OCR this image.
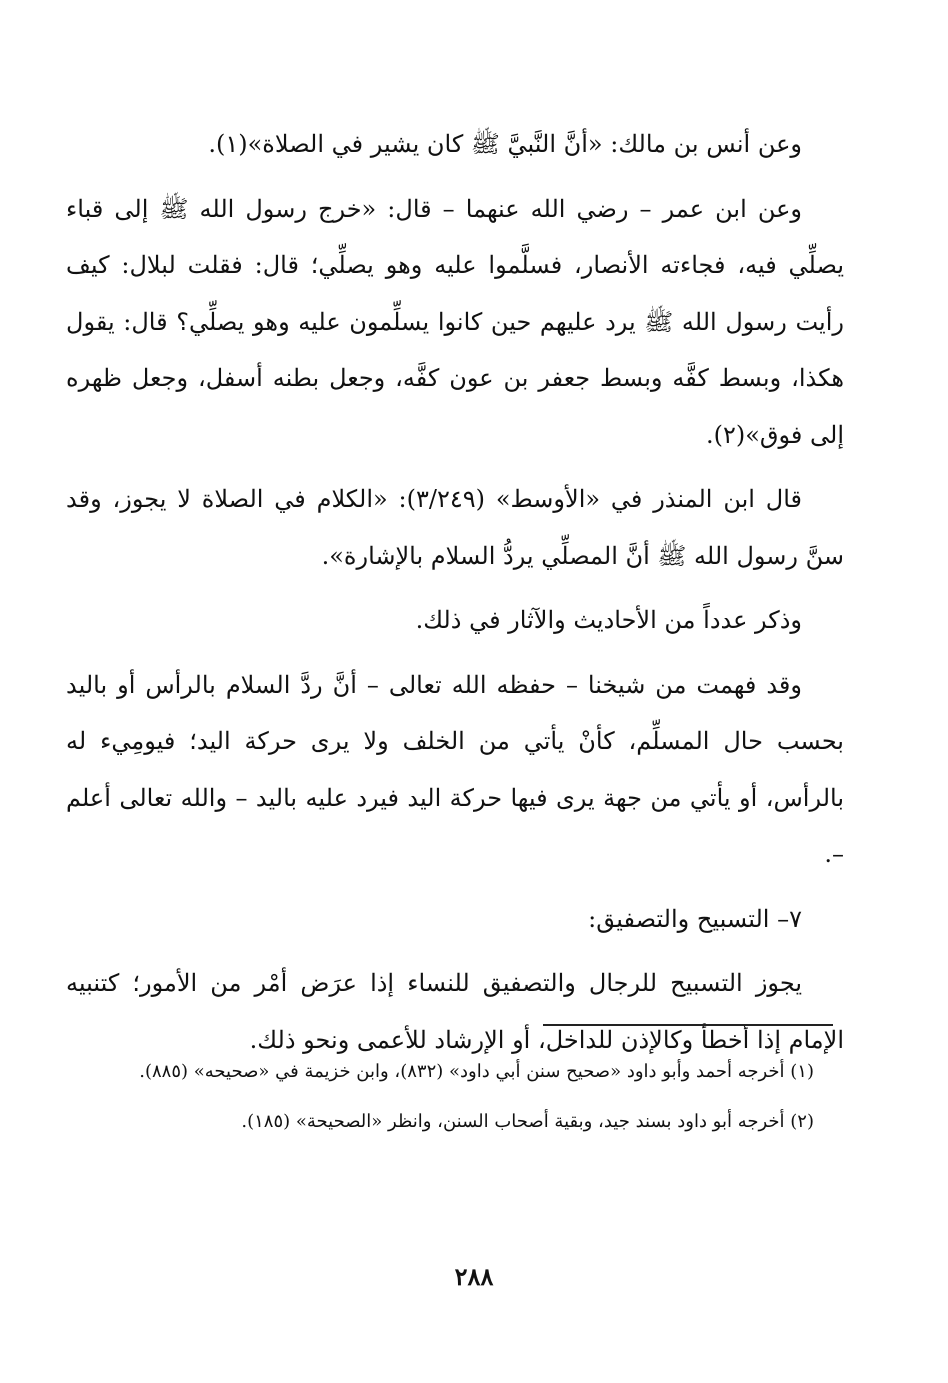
وعن أنس بن مالك: «أنَّ النَّبيَّ ﷺ كان يشير في الصلاة»(١).

وعن ابن عمر – رضي الله عنهما – قال: «خرج رسول الله ﷺ إلى قباء يصلِّي فيه، فجاءته الأنصار، فسلَّموا عليه وهو يصلِّي؛ قال: فقلت لبلال: كيف رأيت رسول الله ﷺ يرد عليهم حين كانوا يسلِّمون عليه وهو يصلِّي؟ قال: يقول هكذا، وبسط كفَّه وبسط جعفر بن عون كفَّه، وجعل بطنه أسفل، وجعل ظهره إلى فوق»(٢).

قال ابن المنذر في «الأوسط» (٣/٢٤٩): «الكلام في الصلاة لا يجوز، وقد سنَّ رسول الله ﷺ أنَّ المصلِّي يردُّ السلام بالإشارة».

وذكر عدداً من الأحاديث والآثار في ذلك.

وقد فهمت من شيخنا – حفظه الله تعالى – أنَّ ردَّ السلام بالرأس أو باليد بحسب حال المسلِّم، كأنْ يأتي من الخلف ولا يرى حركة اليد؛ فيومِيء له بالرأس، أو يأتي من جهة يرى فيها حركة اليد فيرد عليه باليد – والله تعالى أعلم –.

٧– التسبيح والتصفيق:

يجوز التسبيح للرجال والتصفيق للنساء إذا عرَض أمْر من الأمور؛ كتنبيه الإمام إذا أخطأ وكالإذن للداخل، أو الإرشاد للأعمى ونحو ذلك.

(١) أخرجه أحمد وأبو داود «صحيح سنن أبي داود» (٨٣٢)، وابن خزيمة في «صحيحه» (٨٨٥).

(٢) أخرجه أبو داود بسند جيد، وبقية أصحاب السنن، وانظر «الصحيحة» (١٨٥).

٢٨٨
